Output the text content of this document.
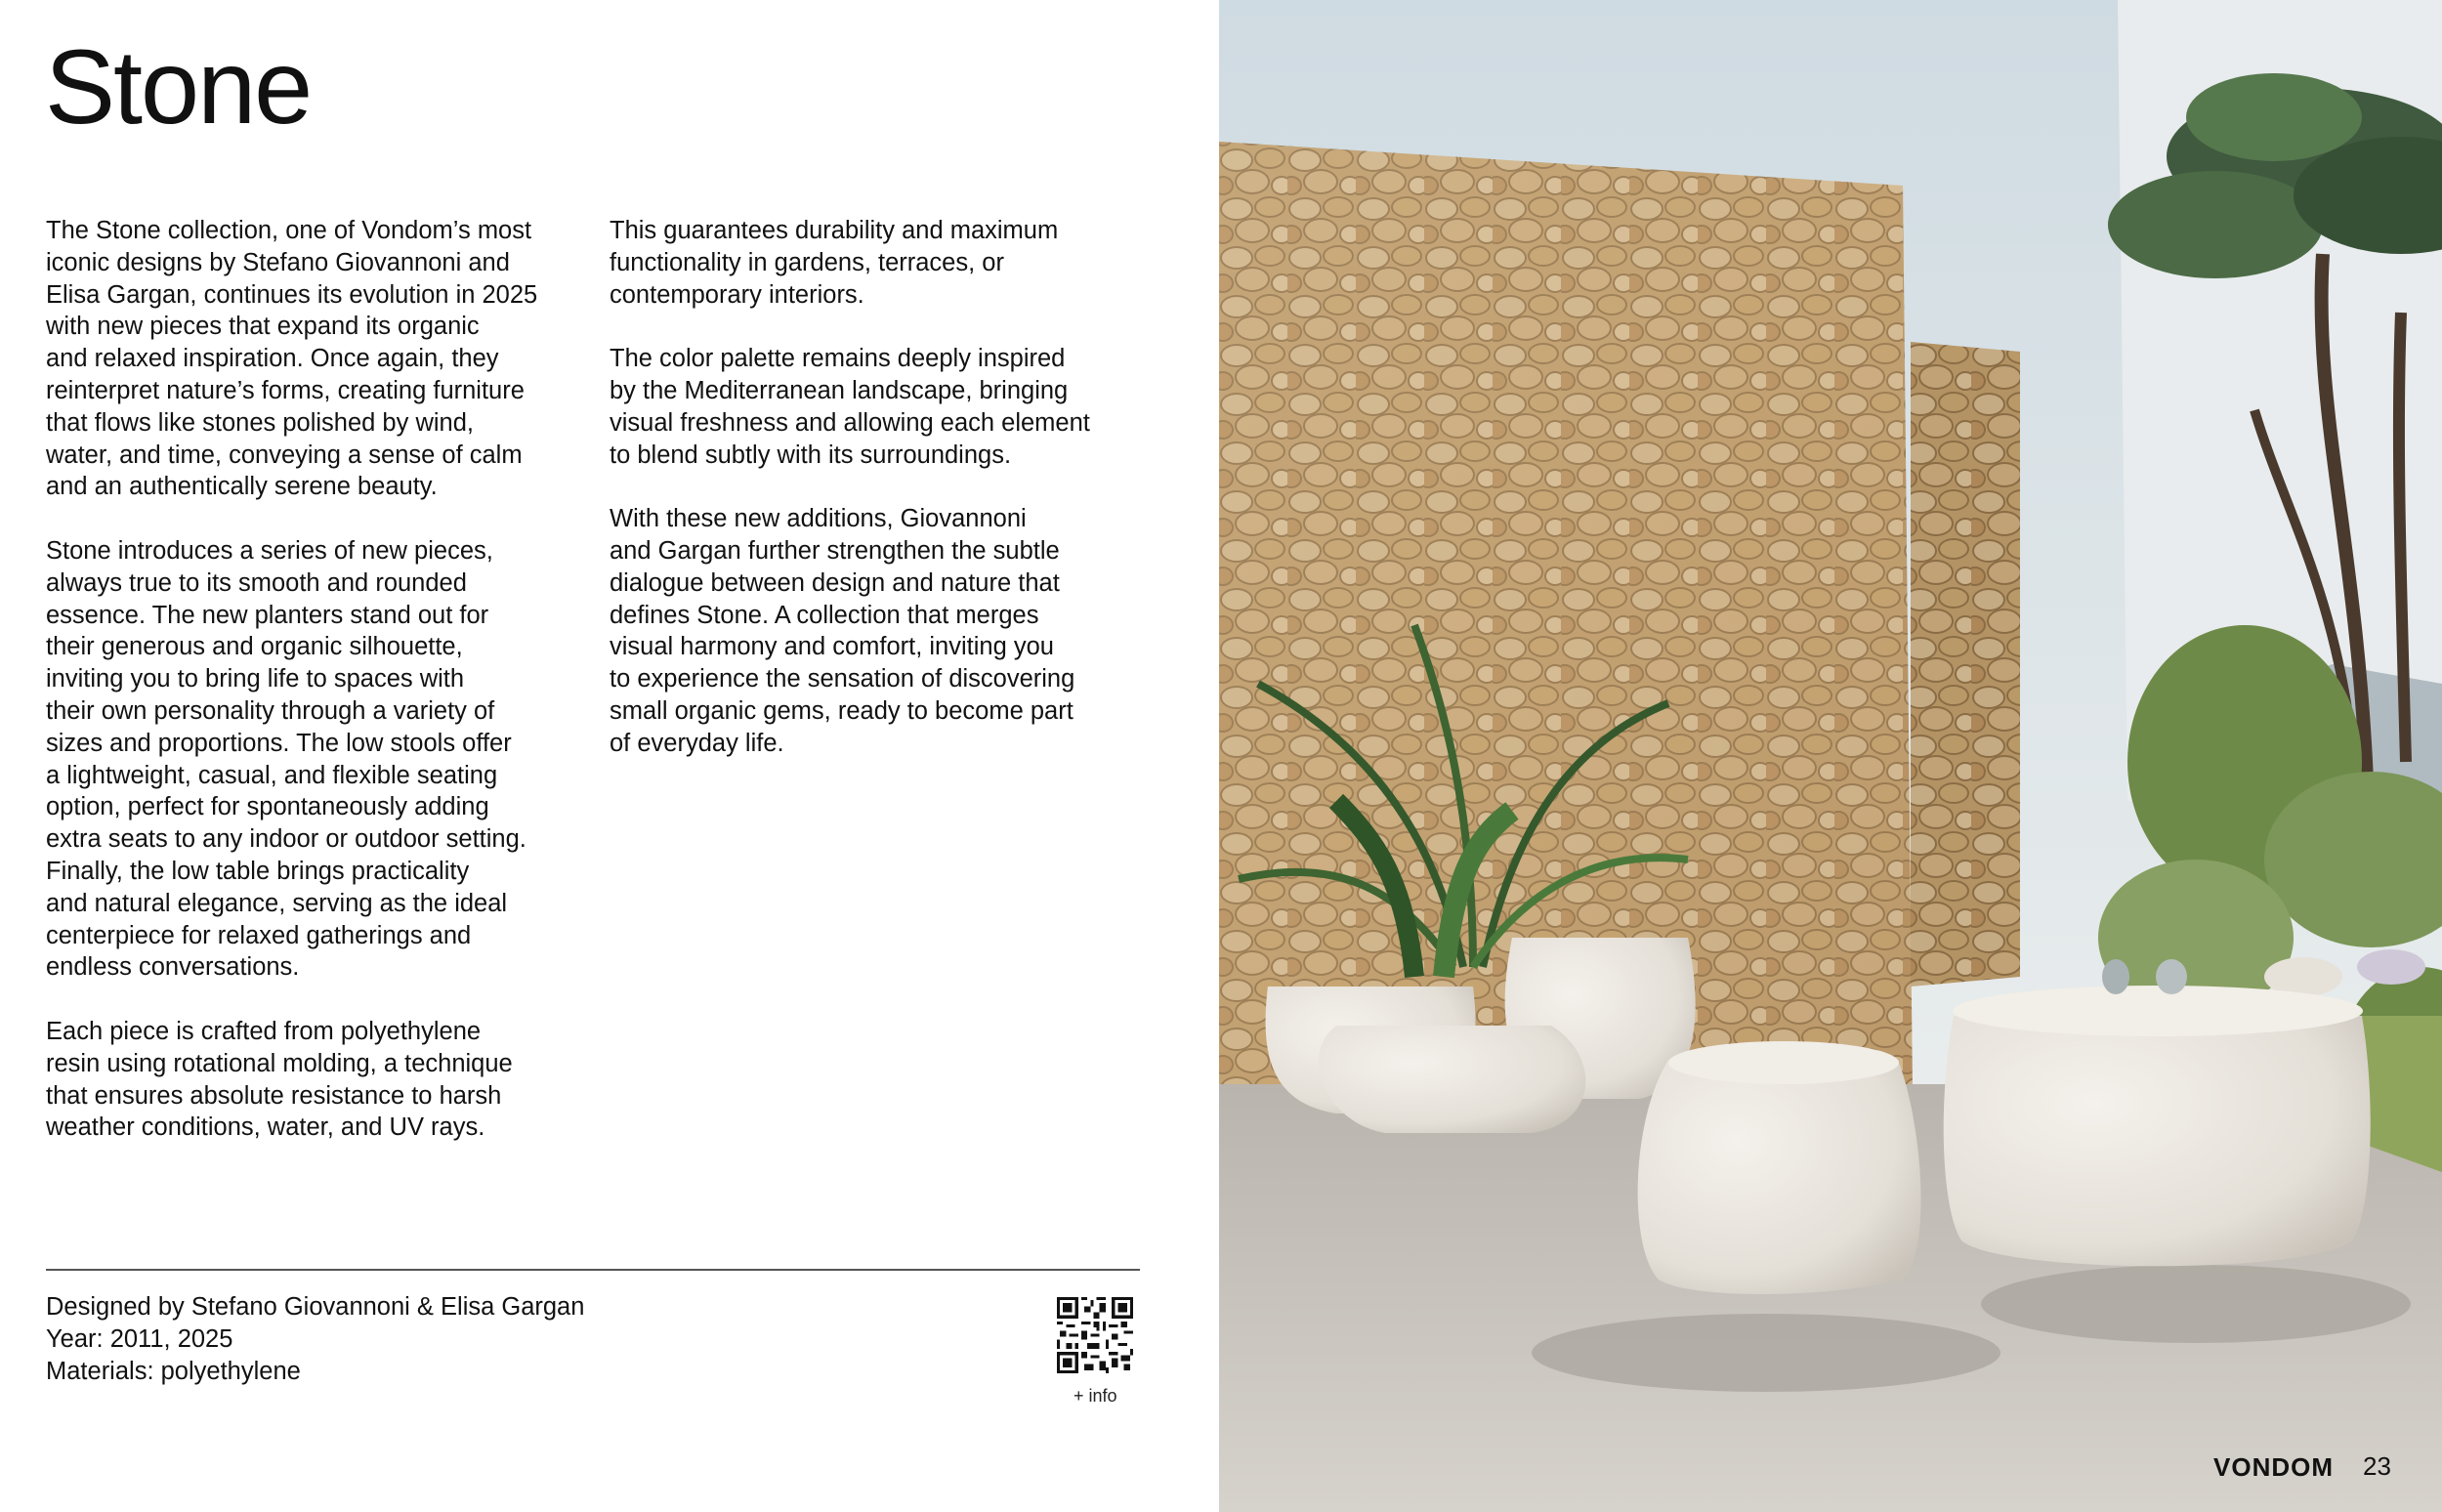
Stone

The Stone collection, one of Vondom’s most
iconic designs by Stefano Giovannoni and
Elisa Gargan, continues its evolution in 2025
with new pieces that expand its organic
and relaxed inspiration. Once again, they
reinterpret nature’s forms, creating furniture
that flows like stones polished by wind,
water, and time, conveying a sense of calm
and an authentically serene beauty.

Stone introduces a series of new pieces,
always true to its smooth and rounded
essence. The new planters stand out for
their generous and organic silhouette,
inviting you to bring life to spaces with
their own personality through a variety of
sizes and proportions. The low stools offer
a lightweight, casual, and flexible seating
option, perfect for spontaneously adding
extra seats to any indoor or outdoor setting.
Finally, the low table brings practicality
and natural elegance, serving as the ideal
centerpiece for relaxed gatherings and
endless conversations.

Each piece is crafted from polyethylene
resin using rotational molding, a technique
that ensures absolute resistance to harsh
weather conditions, water, and UV rays.

This guarantees durability and maximum
functionality in gardens, terraces, or
contemporary interiors.

The color palette remains deeply inspired
by the Mediterranean landscape, bringing
visual freshness and allowing each element
to blend subtly with its surroundings.

With these new additions, Giovannoni
and Gargan further strengthen the subtle
dialogue between design and nature that
defines Stone. A collection that merges
visual harmony and comfort, inviting you
to experience the sensation of discovering
small organic gems, ready to become part
of everyday life.

Designed by Stefano Giovannoni & Elisa Gargan
Year: 2011, 2025
Materials: polyethylene
+ info
VONDOM 23
